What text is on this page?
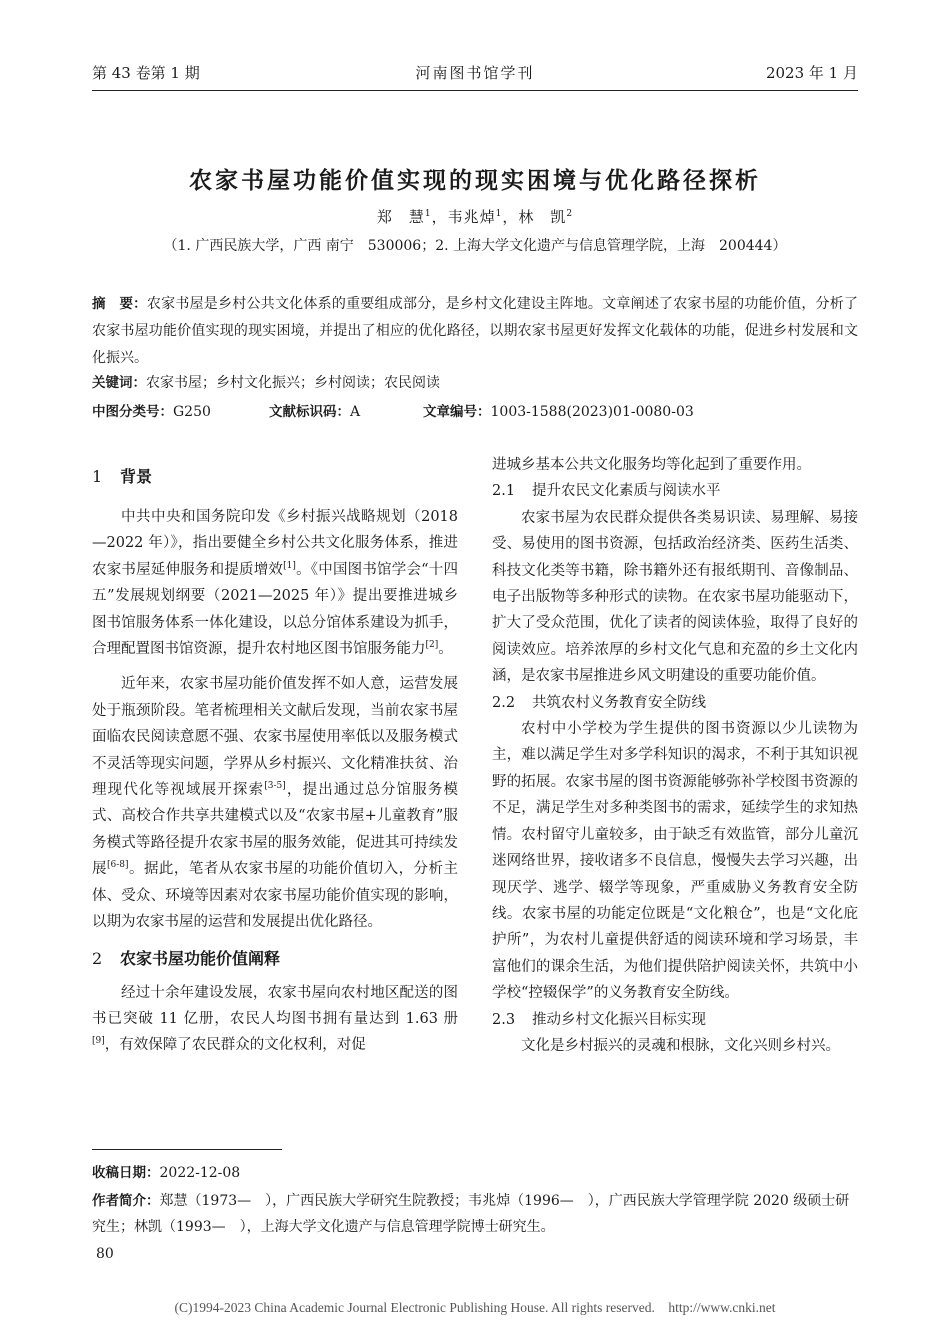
第 43 卷第 1 期	河南图书馆学刊	2023 年 1 月
农家书屋功能价值实现的现实困境与优化路径探析
郑　慧$^1$，韦兆焯$^1$，林　凯$^2$
（1. 广西民族大学，广西 南宁　530006；2. 上海大学文化遗产与信息管理学院，上海　200444）
摘　要：农家书屋是乡村公共文化体系的重要组成部分，是乡村文化建设主阵地。文章阐述了农家书屋的功能价值，分析了农家书屋功能价值实现的现实困境，并提出了相应的优化路径，以期农家书屋更好发挥文化载体的功能，促进乡村发展和文化振兴。
关键词：农家书屋；乡村文化振兴；乡村阅读；农民阅读
中图分类号：G250	文献标识码：A	文章编号：1003-1588(2023)01-0080-03
1 背景

中共中央和国务院印发《乡村振兴战略规划（2018—2022 年）》，指出要健全乡村公共文化服务体系，推进农家书屋延伸服务和提质增效[1]。《中国图书馆学会“十四五”发展规划纲要（2021—2025 年）》提出要推进城乡图书馆服务体系一体化建设，以总分馆体系建设为抓手，合理配置图书馆资源，提升农村地区图书馆服务能力[2]。

近年来，农家书屋功能价值发挥不如人意，运营发展处于瓶颈阶段。笔者梳理相关文献后发现，当前农家书屋面临农民阅读意愿不强、农家书屋使用率低以及服务模式不灵活等现实问题，学界从乡村振兴、文化精准扶贫、治理现代化等视域展开探索[3-5]，提出通过总分馆服务模式、高校合作共享共建模式以及“农家书屋+儿童教育”服务模式等路径提升农家书屋的服务效能，促进其可持续发展[6-8]。据此，笔者从农家书屋的功能价值切入，分析主体、受众、环境等因素对农家书屋功能价值实现的影响，以期为农家书屋的运营和发展提出优化路径。

2 农家书屋功能价值阐释

经过十余年建设发展，农家书屋向农村地区配送的图书已突破 11 亿册，农民人均图书拥有量达到 1.63 册[9]，有效保障了农民群众的文化权利，对促

进城乡基本公共文化服务均等化起到了重要作用。

2.1 提升农民文化素质与阅读水平

农家书屋为农民群众提供各类易识读、易理解、易接受、易使用的图书资源，包括政治经济类、医药生活类、科技文化类等书籍，除书籍外还有报纸期刊、音像制品、电子出版物等多种形式的读物。在农家书屋功能驱动下，扩大了受众范围，优化了读者的阅读体验，取得了良好的阅读效应。培养浓厚的乡村文化气息和充盈的乡土文化内涵，是农家书屋推进乡风文明建设的重要功能价值。

2.2 共筑农村义务教育安全防线

农村中小学校为学生提供的图书资源以少儿读物为主，难以满足学生对多学科知识的渴求，不利于其知识视野的拓展。农家书屋的图书资源能够弥补学校图书资源的不足，满足学生对多种类图书的需求，延续学生的求知热情。农村留守儿童较多，由于缺乏有效监管，部分儿童沉迷网络世界，接收诸多不良信息，慢慢失去学习兴趣，出现厌学、逃学、辍学等现象，严重威胁义务教育安全防线。农家书屋的功能定位既是“文化粮仓”，也是“文化庇护所”，为农村儿童提供舒适的阅读环境和学习场景，丰富他们的课余生活，为他们提供陪护阅读关怀，共筑中小学校“控辍保学”的义务教育安全防线。

2.3 推动乡村文化振兴目标实现

文化是乡村振兴的灵魂和根脉，文化兴则乡村兴。

收稿日期：2022-12-08
作者简介：郑慧（1973—　），广西民族大学研究生院教授；韦兆焯（1996—　），广西民族大学管理学院 2020 级硕士研究生；林凯（1993—　），上海大学文化遗产与信息管理学院博士研究生。
80
(C)1994-2023 China Academic Journal Electronic Publishing House. All rights reserved.　http://www.cnki.net
